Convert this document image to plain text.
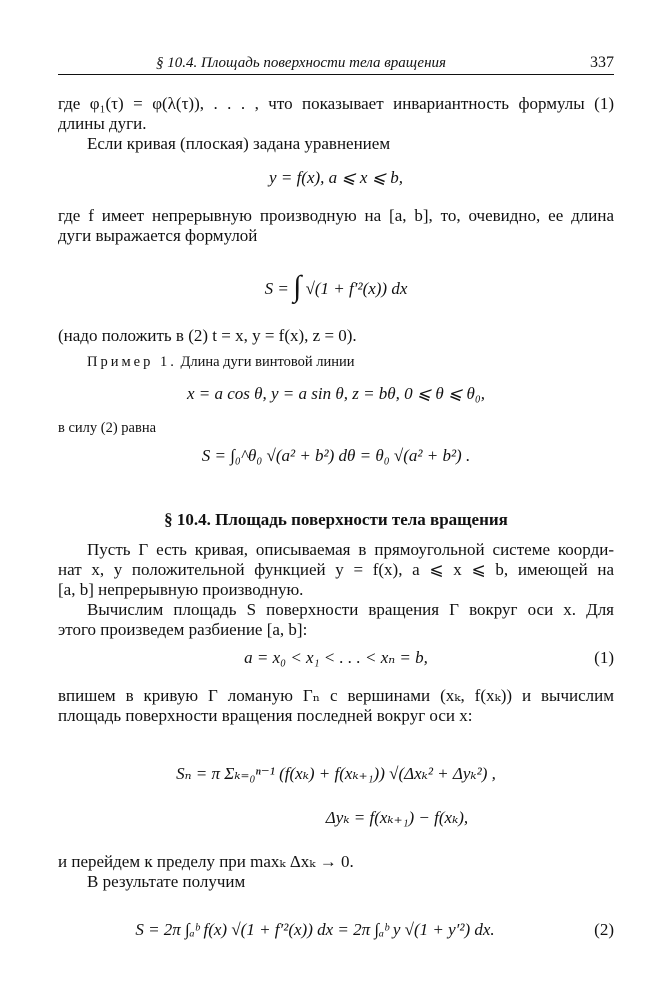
§ 10.4. Площадь поверхности тела вращения	337
где φ₁(τ) = φ(λ(τ)), . . . , что показывает инвариантность формулы (1)
длины дуги.
Если кривая (плоская) задана уравнением
y = f(x), a ⩽ x ⩽ b,
где f имеет непрерывную производную на [a, b], то, очевидно, ее длина
дуги выражается формулой
S = ∫ √(1 + f′²(x)) dx
(надо положить в (2) t = x, y = f(x), z = 0).
Пример 1. Длина дуги винтовой линии
x = a cos θ, y = a sin θ, z = bθ, 0 ⩽ θ ⩽ θ₀,
в силу (2) равна
S = ∫₀^θ₀ √(a² + b²) dθ = θ₀ √(a² + b²) .
§ 10.4. Площадь поверхности тела вращения
Пусть Γ есть кривая, описываемая в прямоугольной системе коорди-
нат x, y положительной функцией y = f(x), a ⩽ x ⩽ b, имеющей на
[a, b] непрерывную производную.
Вычислим площадь S поверхности вращения Γ вокруг оси x. Для
этого произведем разбиение [a, b]:
a = x₀ < x₁ < . . . < xₙ = b,	(1)
впишем в кривую Γ ломаную Γₙ с вершинами (xₖ, f(xₖ)) и вычислим
площадь поверхности вращения последней вокруг оси x:
Sₙ = π Σₖ₌₀ⁿ⁻¹ (f(xₖ) + f(xₖ₊₁)) √(Δxₖ² + Δyₖ²) ,
Δyₖ = f(xₖ₊₁) − f(xₖ),
и перейдем к пределу при maxₖ Δxₖ → 0.
В результате получим
S = 2π ∫ₐᵇ f(x) √(1 + f′²(x)) dx = 2π ∫ₐᵇ y √(1 + y′²) dx.	(2)
